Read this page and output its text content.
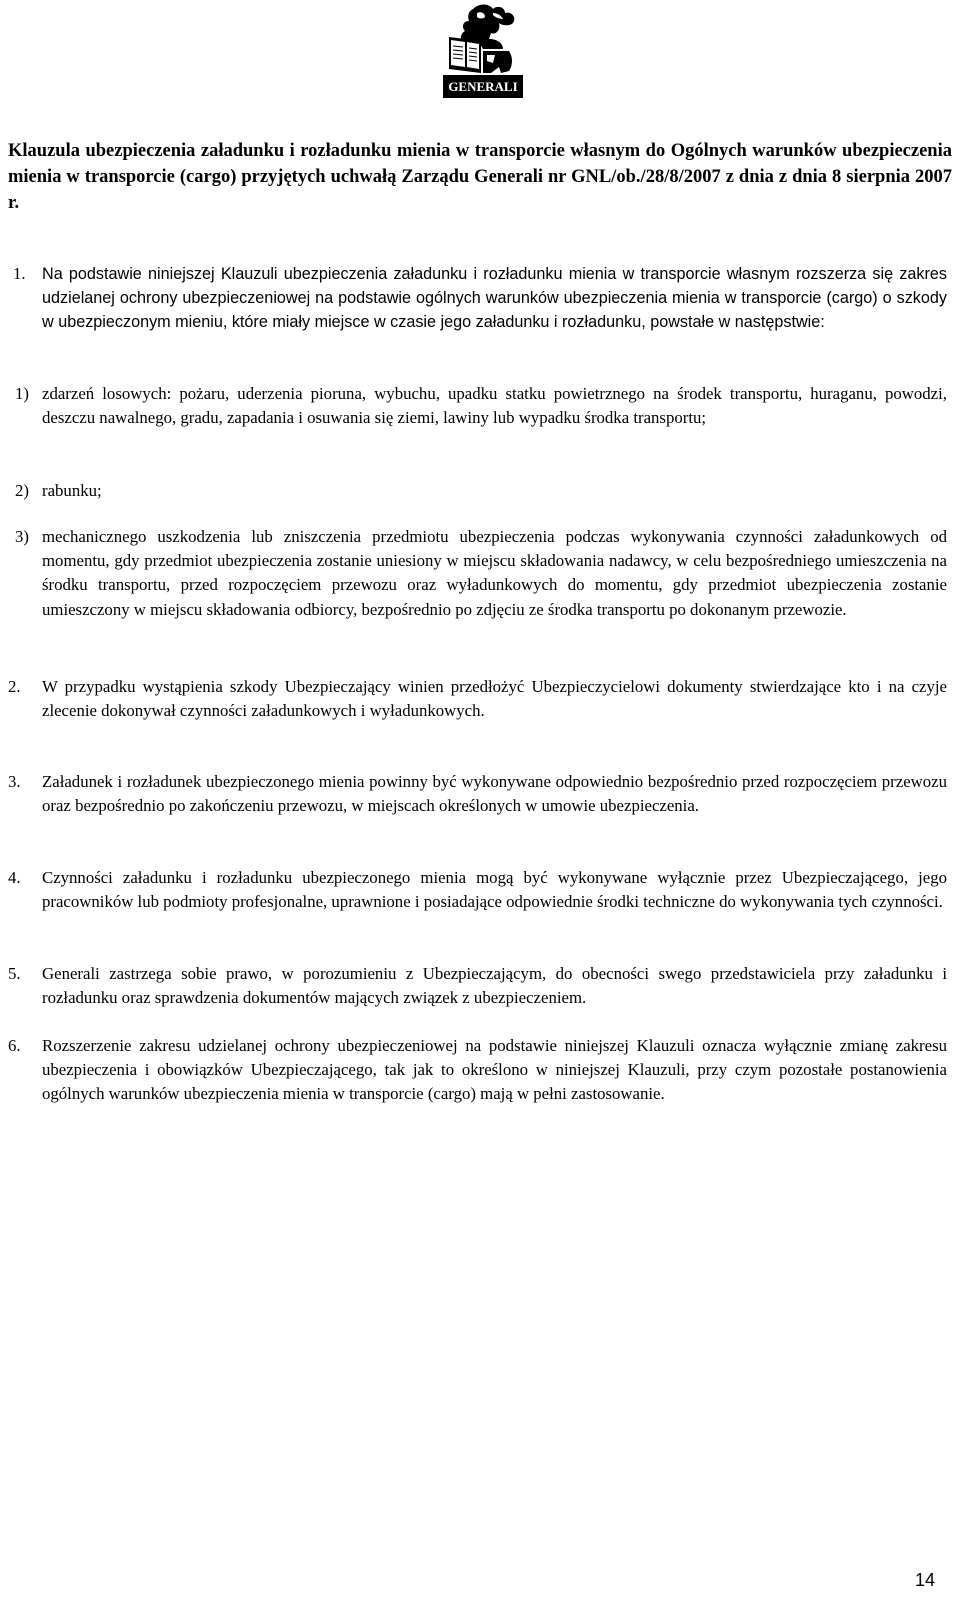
GENERALI
Klauzula ubezpieczenia załadunku i rozładunku mienia w transporcie własnym do Ogólnych warunków ubezpieczenia mienia w transporcie (cargo) przyjętych uchwałą Zarządu Generali nr GNL/ob./28/8/2007 z dnia z dnia 8 sierpnia 2007 r.
1. Na podstawie niniejszej Klauzuli ubezpieczenia załadunku i rozładunku mienia w transporcie własnym rozszerza się zakres udzielanej ochrony ubezpieczeniowej na podstawie ogólnych warunków ubezpieczenia mienia w transporcie (cargo) o szkody w ubezpieczonym mieniu, które miały miejsce w czasie jego załadunku i rozładunku, powstałe w następstwie:
1) zdarzeń losowych: pożaru, uderzenia pioruna, wybuchu, upadku statku powietrznego na środek transportu, huraganu, powodzi, deszczu nawalnego, gradu, zapadania i osuwania się ziemi, lawiny lub wypadku środka transportu;
2) rabunku;
3) mechanicznego uszkodzenia lub zniszczenia przedmiotu ubezpieczenia podczas wykonywania czynności załadunkowych od momentu, gdy przedmiot ubezpieczenia zostanie uniesiony w miejscu składowania nadawcy, w celu bezpośredniego umieszczenia na środku transportu, przed rozpoczęciem przewozu oraz wyładunkowych do momentu, gdy przedmiot ubezpieczenia zostanie umieszczony w miejscu składowania odbiorcy, bezpośrednio po zdjęciu ze środka transportu po dokonanym przewozie.
2. W przypadku wystąpienia szkody Ubezpieczający winien przedłożyć Ubezpieczycielowi dokumenty stwierdzające kto i na czyje zlecenie dokonywał czynności załadunkowych i wyładunkowych.
3. Załadunek i rozładunek ubezpieczonego mienia powinny być wykonywane odpowiednio bezpośrednio przed rozpoczęciem przewozu oraz bezpośrednio po zakończeniu przewozu, w miejscach określonych w umowie ubezpieczenia.
4. Czynności załadunku i rozładunku ubezpieczonego mienia mogą być wykonywane wyłącznie przez Ubezpieczającego, jego pracowników lub podmioty profesjonalne, uprawnione i posiadające odpowiednie środki techniczne do wykonywania tych czynności.
5. Generali zastrzega sobie prawo, w porozumieniu z Ubezpieczającym, do obecności swego przedstawiciela przy załadunku i rozładunku oraz sprawdzenia dokumentów mających związek z ubezpieczeniem.
6. Rozszerzenie zakresu udzielanej ochrony ubezpieczeniowej na podstawie niniejszej Klauzuli oznacza wyłącznie zmianę zakresu ubezpieczenia i obowiązków Ubezpieczającego, tak jak to określono w niniejszej Klauzuli, przy czym pozostałe postanowienia ogólnych warunków ubezpieczenia mienia w transporcie (cargo) mają w pełni zastosowanie.
14
